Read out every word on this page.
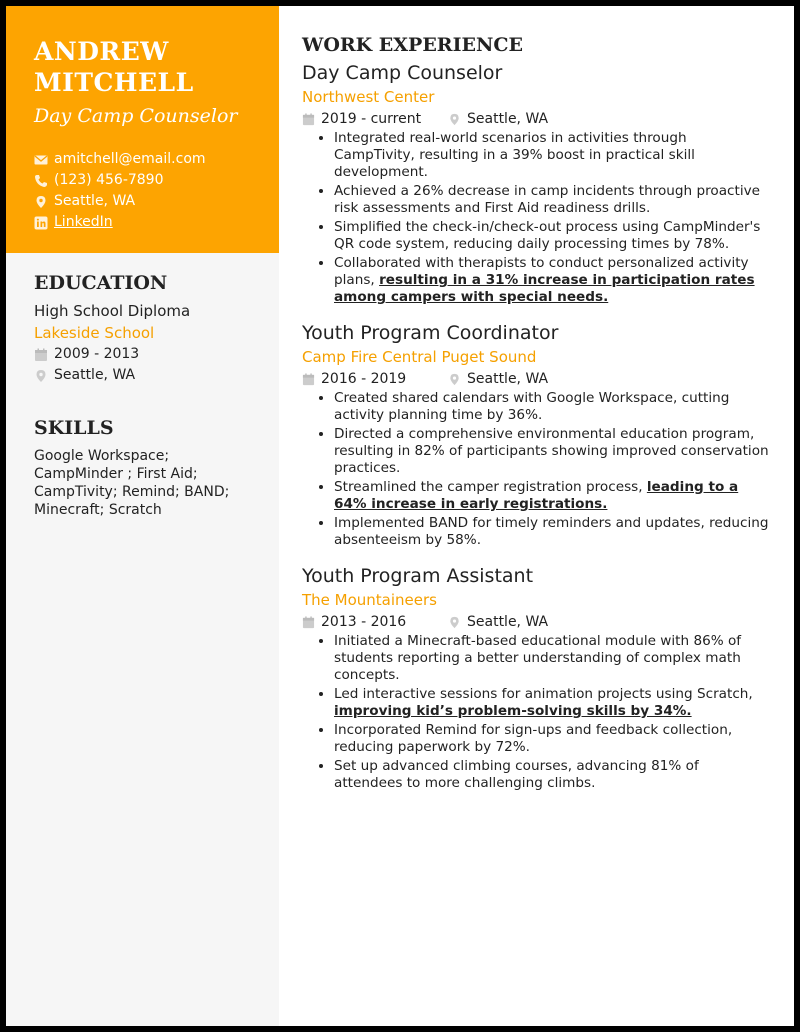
ANDREW
MITCHELL
Day Camp Counselor
amitchell@email.com
(123) 456-7890
Seattle, WA
LinkedIn
EDUCATION
High School Diploma
Lakeside School
2009 - 2013
Seattle, WA
SKILLS
Google Workspace; CampMinder ; First Aid; CampTivity; Remind; BAND; Minecraft; Scratch
WORK EXPERIENCE
Day Camp Counselor
Northwest Center
2019 - current	Seattle, WA
• Integrated real-world scenarios in activities through CampTivity, resulting in a 39% boost in practical skill development.
• Achieved a 26% decrease in camp incidents through proactive risk assessments and First Aid readiness drills.
• Simplified the check-in/check-out process using CampMinder's QR code system, reducing daily processing times by 78%.
• Collaborated with therapists to conduct personalized activity plans, resulting in a 31% increase in participation rates among campers with special needs.
Youth Program Coordinator
Camp Fire Central Puget Sound
2016 - 2019	Seattle, WA
• Created shared calendars with Google Workspace, cutting activity planning time by 36%.
• Directed a comprehensive environmental education program, resulting in 82% of participants showing improved conservation practices.
• Streamlined the camper registration process, leading to a 64% increase in early registrations.
• Implemented BAND for timely reminders and updates, reducing absenteeism by 58%.
Youth Program Assistant
The Mountaineers
2013 - 2016	Seattle, WA
• Initiated a Minecraft-based educational module with 86% of students reporting a better understanding of complex math concepts.
• Led interactive sessions for animation projects using Scratch, improving kid’s problem-solving skills by 34%.
• Incorporated Remind for sign-ups and feedback collection, reducing paperwork by 72%.
• Set up advanced climbing courses, advancing 81% of attendees to more challenging climbs.
